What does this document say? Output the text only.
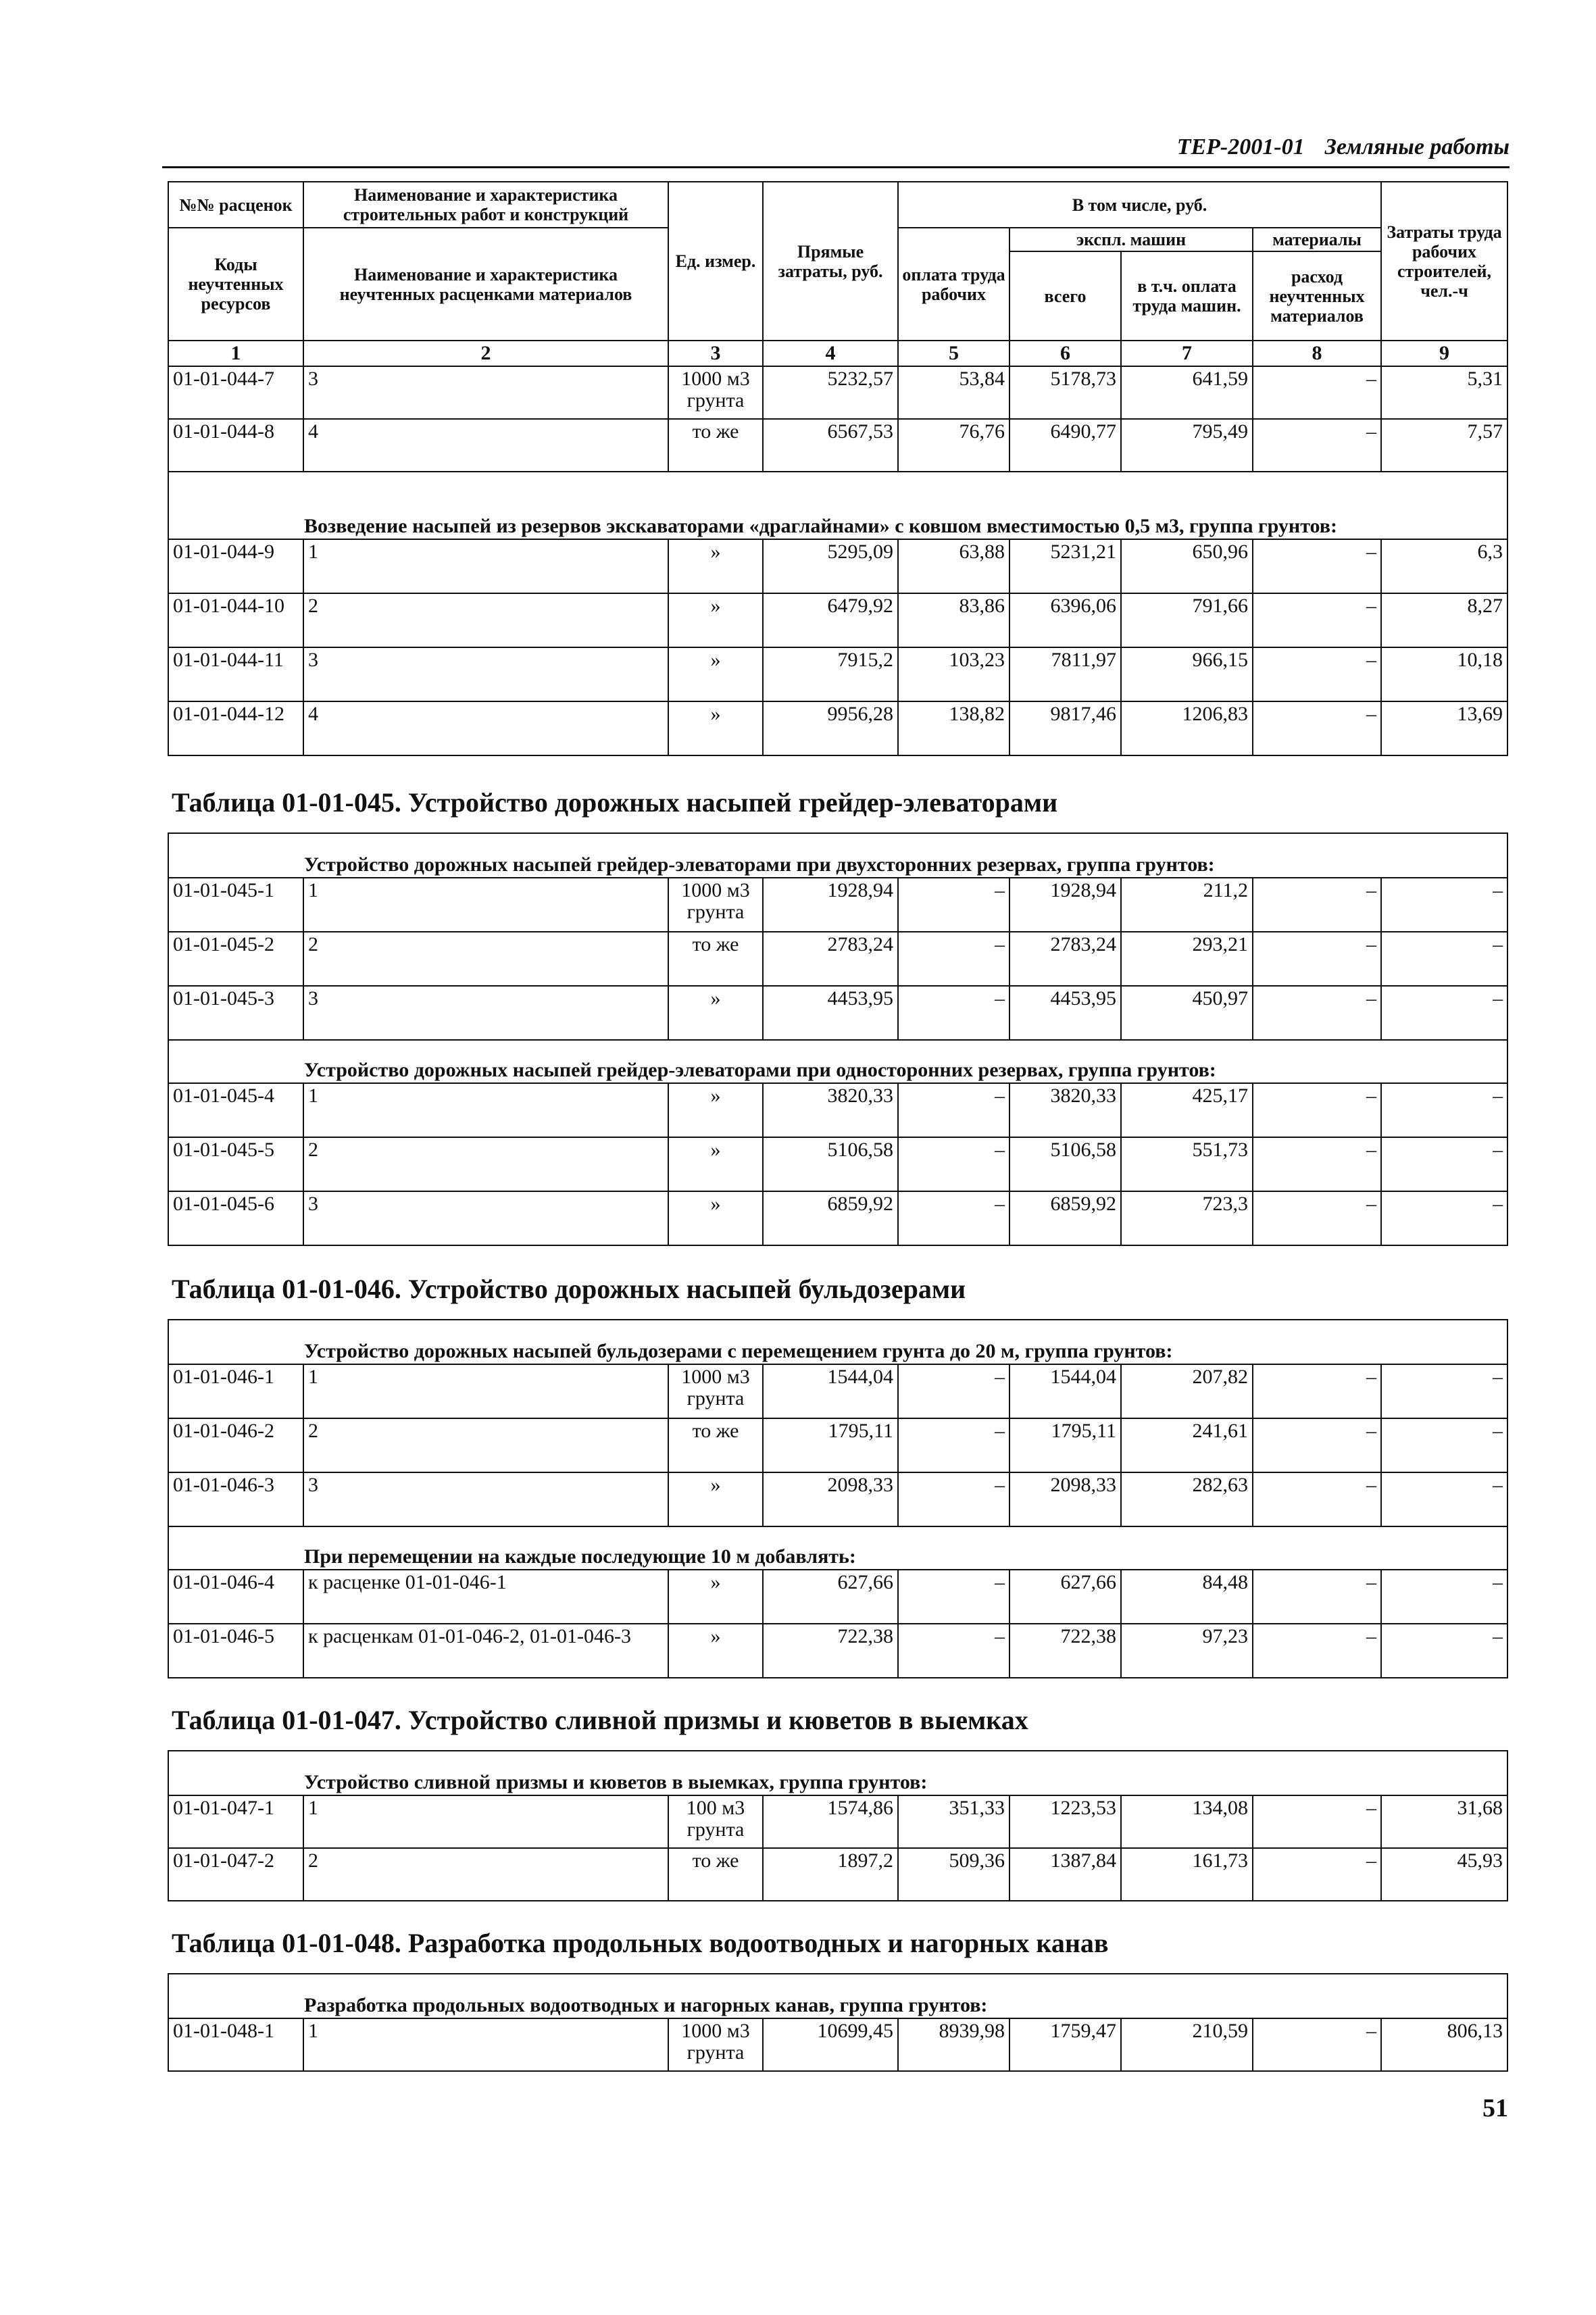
ТЕР-2001-01 Земляные работы
№№ расценок	Наименование и характеристика строительных работ и конструкций	Ед. измер.	Прямые затраты, руб.	В том числе, руб.				Затраты труда рабочих строителей, чел.-ч
Коды неучтенных ресурсов	Наименование и характеристика неучтенных расценками материалов			оплата труда рабочих	экспл. машин		материалы	
					всего	в т.ч. оплата труда машин.	расход неучтенных материалов	
1	2	3	4	5	6	7	8	9
01-01-044-7	3	1000 м3 грунта	5232,57	53,84	5178,73	641,59	–	5,31
01-01-044-8	4	то же	6567,53	76,76	6490,77	795,49	–	7,57
Возведение насыпей из резервов экскаваторами «драглайнами» с ковшом вместимостью 0,5 м3, группа грунтов:								
01-01-044-9	1	»	5295,09	63,88	5231,21	650,96	–	6,3
01-01-044-10	2	»	6479,92	83,86	6396,06	791,66	–	8,27
01-01-044-11	3	»	7915,2	103,23	7811,97	966,15	–	10,18
01-01-044-12	4	»	9956,28	138,82	9817,46	1206,83	–	13,69
Таблица 01-01-045. Устройство дорожных насыпей грейдер-элеваторами
Устройство дорожных насыпей грейдер-элеваторами при двухсторонних резервах, группа грунтов:								
01-01-045-1	1	1000 м3 грунта	1928,94	–	1928,94	211,2	–	–
01-01-045-2	2	то же	2783,24	–	2783,24	293,21	–	–
01-01-045-3	3	»	4453,95	–	4453,95	450,97	–	–
Устройство дорожных насыпей грейдер-элеваторами при односторонних резервах, группа грунтов:								
01-01-045-4	1	»	3820,33	–	3820,33	425,17	–	–
01-01-045-5	2	»	5106,58	–	5106,58	551,73	–	–
01-01-045-6	3	»	6859,92	–	6859,92	723,3	–	–
Таблица 01-01-046. Устройство дорожных насыпей бульдозерами
Устройство дорожных насыпей бульдозерами с перемещением грунта до 20 м, группа грунтов:								
01-01-046-1	1	1000 м3 грунта	1544,04	–	1544,04	207,82	–	–
01-01-046-2	2	то же	1795,11	–	1795,11	241,61	–	–
01-01-046-3	3	»	2098,33	–	2098,33	282,63	–	–
При перемещении на каждые последующие 10 м добавлять:								
01-01-046-4	к расценке 01-01-046-1	»	627,66	–	627,66	84,48	–	–
01-01-046-5	к расценкам 01-01-046-2, 01-01-046-3	»	722,38	–	722,38	97,23	–	–
Таблица 01-01-047. Устройство сливной призмы и кюветов в выемках
Устройство сливной призмы и кюветов в выемках, группа грунтов:								
01-01-047-1	1	100 м3 грунта	1574,86	351,33	1223,53	134,08	–	31,68
01-01-047-2	2	то же	1897,2	509,36	1387,84	161,73	–	45,93
Таблица 01-01-048. Разработка продольных водоотводных и нагорных канав
Разработка продольных водоотводных и нагорных канав, группа грунтов:
01-01-048-1	1	1000 м3 грунта	10699,45	8939,98	1759,47	210,59	–	806,13
51
